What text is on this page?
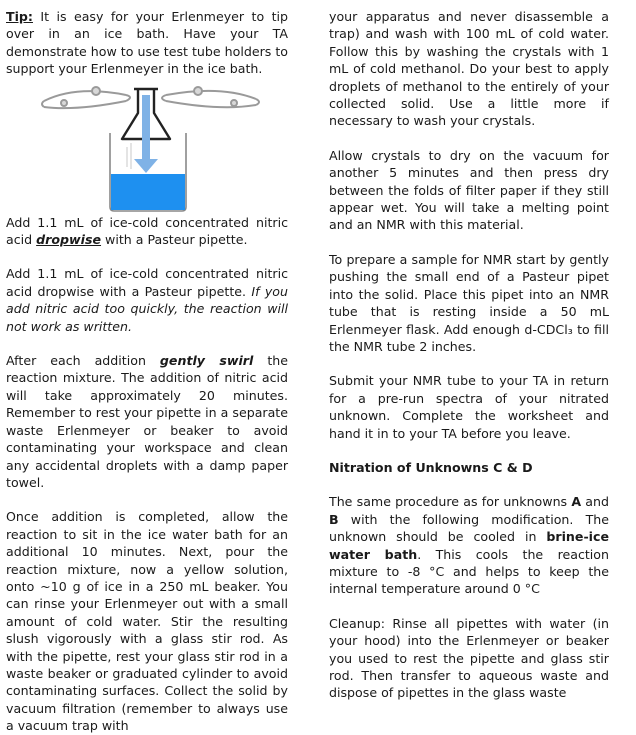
Tip: It is easy for your Erlenmeyer to tip over in an ice bath. Have your TA demonstrate how to use test tube holders to support your Erlenmeyer in the ice bath.

Add 1.1 mL of ice-cold concentrated nitric acid dropwise with a Pasteur pipette.

Add 1.1 mL of ice-cold concentrated nitric acid dropwise with a Pasteur pipette. If you add nitric acid too quickly, the reaction will not work as written.

After each addition gently swirl the reaction mixture. The addition of nitric acid will take approximately 20 minutes. Remember to rest your pipette in a separate waste Erlenmeyer or beaker to avoid contaminating your workspace and clean any accidental droplets with a damp paper towel.

Once addition is completed, allow the reaction to sit in the ice water bath for an additional 10 minutes. Next, pour the reaction mixture, now a yellow solution, onto ~10 g of ice in a 250 mL beaker. You can rinse your Erlenmeyer out with a small amount of cold water. Stir the resulting slush vigorously with a glass stir rod. As with the pipette, rest your glass stir rod in a waste beaker or graduated cylinder to avoid contaminating surfaces. Collect the solid by vacuum filtration (remember to always use a vacuum trap with

your apparatus and never disassemble a trap) and wash with 100 mL of cold water. Follow this by washing the crystals with 1 mL of cold methanol. Do your best to apply droplets of methanol to the entirely of your collected solid. Use a little more if necessary to wash your crystals.

Allow crystals to dry on the vacuum for another 5 minutes and then press dry between the folds of filter paper if they still appear wet. You will take a melting point and an NMR with this material.

To prepare a sample for NMR start by gently pushing the small end of a Pasteur pipet into the solid. Place this pipet into an NMR tube that is resting inside a 50 mL Erlenmeyer flask. Add enough d-CDCl₃ to fill the NMR tube 2 inches.

Submit your NMR tube to your TA in return for a pre-run spectra of your nitrated unknown. Complete the worksheet and hand it in to your TA before you leave.

Nitration of Unknowns C & D

The same procedure as for unknowns A and B with the following modification. The unknown should be cooled in brine-ice water bath. This cools the reaction mixture to -8 °C and helps to keep the internal temperature around 0 °C

Cleanup: Rinse all pipettes with water (in your hood) into the Erlenmeyer or beaker you used to rest the pipette and glass stir rod. Then transfer to aqueous waste and dispose of pipettes in the glass waste
